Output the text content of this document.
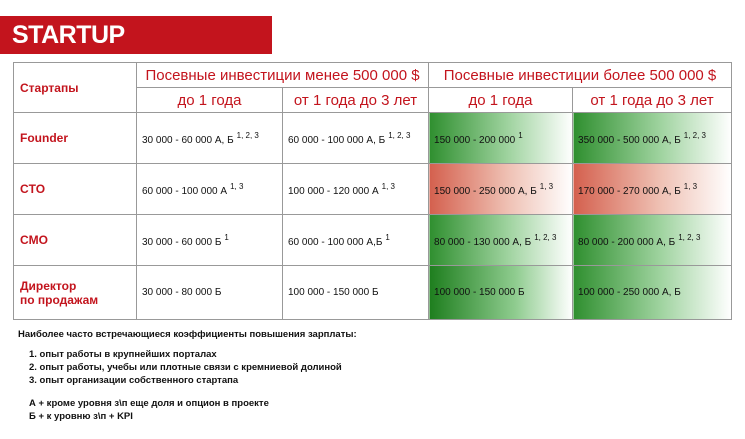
STARTUP
Стартапы	Посевные инвестиции менее 500 000 $		Посевные инвестиции более 500 000 $	
	до 1 года	от 1 года до 3 лет	до 1 года	от 1 года до 3 лет
Founder	30 000 - 60 000 А, Б $^{1, 2, 3}$	60 000 - 100 000 А, Б $^{1, 2, 3}$	150 000 - 200 000 $^1$	350 000 - 500 000 А, Б $^{1, 2, 3}$
CTO	60 000 - 100 000 А $^{1, 3}$	100 000 - 120 000 А $^{1, 3}$	150 000 - 250 000 А, Б $^{1, 3}$	170 000 - 270 000 А, Б $^{1, 3}$
CMO	30 000 - 60 000 Б $^1$	60 000 - 100 000 А,Б $^1$	80 000 - 130 000 А, Б $^{1, 2, 3}$	80 000 - 200 000 А, Б $^{1, 2, 3}$

Директор
по продажам	30 000 - 80 000 Б	100 000 - 150 000 Б	100 000 - 150 000 Б	100 000 - 250 000 А, Б
Наиболее часто встречающиеся коэффициенты повышения зарплаты:
1. опыт работы в крупнейших порталах
2. опыт работы, учебы или плотные связи с кремниевой долиной
3. опыт организации собственного стартапа
А + кроме уровня з\п еще доля и опцион в проекте
Б + к уровню з\п + KPI
